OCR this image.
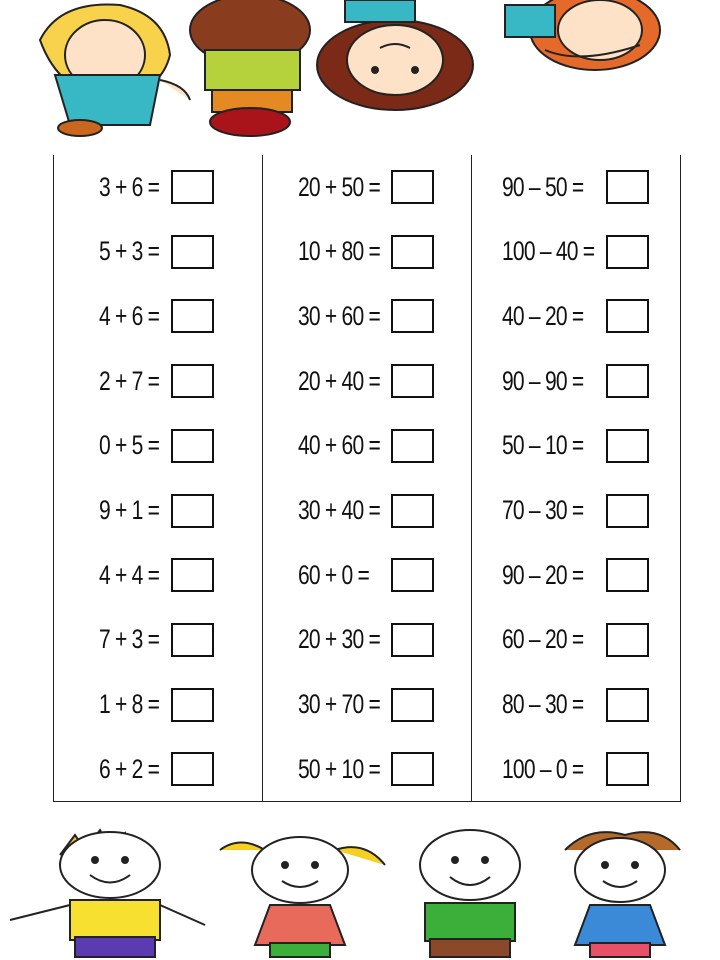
3 + 6 =
5 + 3 =
4 + 6 =
2 + 7 =
0 + 5 =
9 + 1 =
4 + 4 =
7 + 3 =
1 + 8 =
6 + 2 =
20 + 50 =
10 + 80 =
30 + 60 =
20 + 40 =
40 + 60 =
30 + 40 =
60 + 0 =
20 + 30 =
30 + 70 =
50 + 10 =
90 – 50 =
100 – 40 =
40 – 20 =
90 – 90 =
50 – 10 =
70 – 30 =
90 – 20 =
60 – 20 =
80 – 30 =
100 – 0 =
